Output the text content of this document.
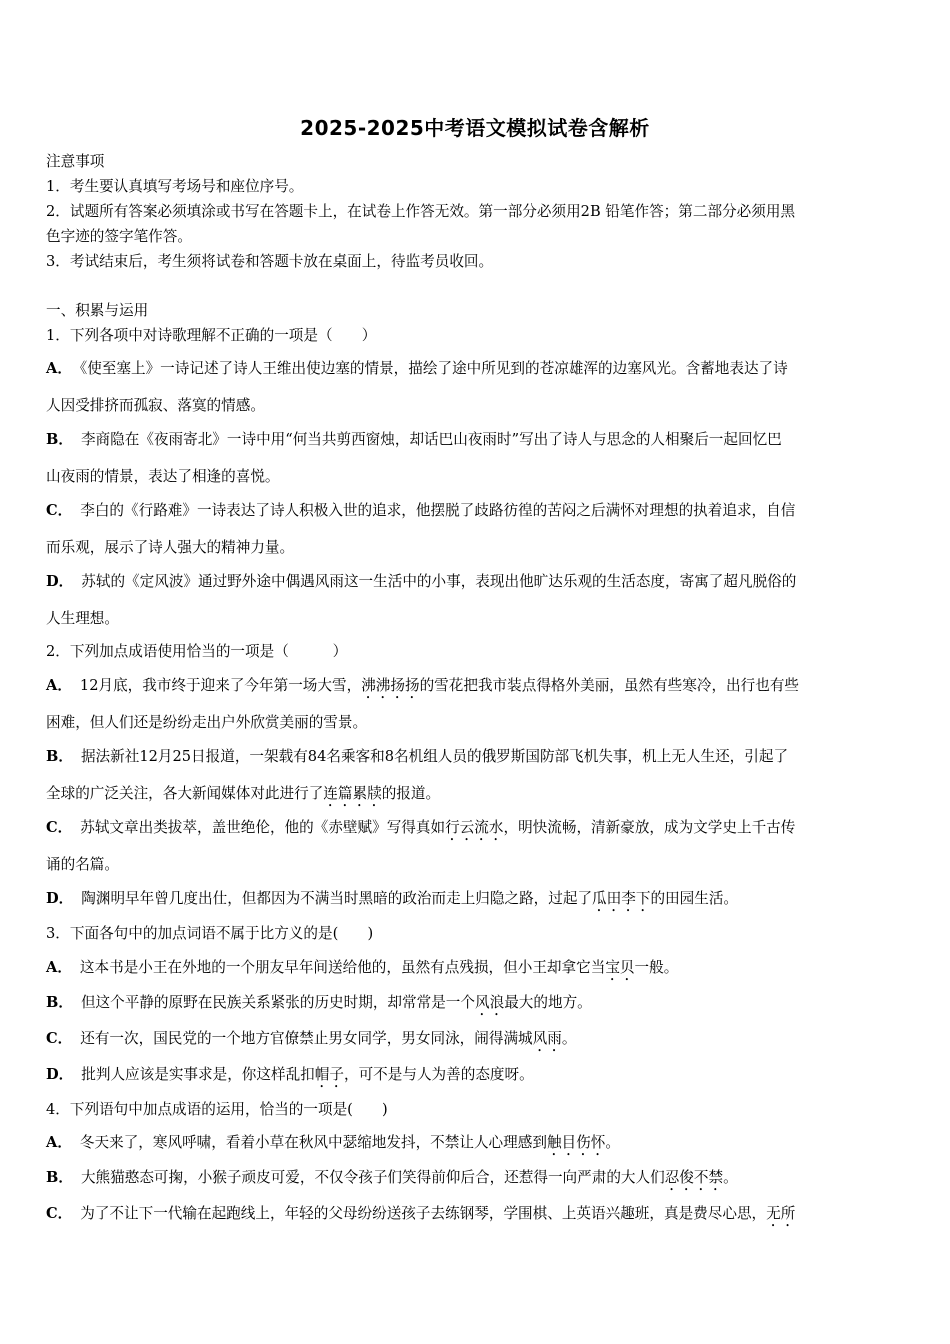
2025-2025中考语文模拟试卷含解析
注意事项
1．考生要认真填写考场号和座位序号。
2．试题所有答案必须填涂或书写在答题卡上，在试卷上作答无效。第一部分必须用2B 铅笔作答；第二部分必须用黑
色字迹的签字笔作答。
3．考试结束后，考生须将试卷和答题卡放在桌面上，待监考员收回。
一、积累与运用
1．下列各项中对诗歌理解不正确的一项是（　　）
A． 《使至塞上》一诗记述了诗人王维出使边塞的情景，描绘了途中所见到的苍凉雄浑的边塞风光。含蓄地表达了诗
人因受排挤而孤寂、落寞的情感。
B． 李商隐在《夜雨寄北》一诗中用“何当共剪西窗烛，却话巴山夜雨时”写出了诗人与思念的人相聚后一起回忆巴
山夜雨的情景，表达了相逢的喜悦。
C． 李白的《行路难》一诗表达了诗人积极入世的追求，他摆脱了歧路彷徨的苦闷之后满怀对理想的执着追求，自信
而乐观，展示了诗人强大的精神力量。
D． 苏轼的《定风波》通过野外途中偶遇风雨这一生活中的小事，表现出他旷达乐观的生活态度，寄寓了超凡脱俗的
人生理想。
2．下列加点成语使用恰当的一项是（　　　）
A． 12月底，我市终于迎来了今年第一场大雪，沸沸扬扬的雪花把我市装点得格外美丽，虽然有些寒冷，出行也有些
困难，但人们还是纷纷走出户外欣赏美丽的雪景。
B． 据法新社12月25日报道，一架载有84名乘客和8名机组人员的俄罗斯国防部飞机失事，机上无人生还，引起了
全球的广泛关注，各大新闻媒体对此进行了连篇累牍的报道。
C． 苏轼文章出类拔萃，盖世绝伦，他的《赤壁赋》写得真如行云流水，明快流畅，清新豪放，成为文学史上千古传
诵的名篇。
D． 陶渊明早年曾几度出仕，但都因为不满当时黑暗的政治而走上归隐之路，过起了瓜田李下的田园生活。
3．下面各句中的加点词语不属于比方义的是(　　)
A． 这本书是小王在外地的一个朋友早年间送给他的，虽然有点残损，但小王却拿它当宝贝一般。
B． 但这个平静的原野在民族关系紧张的历史时期，却常常是一个风浪最大的地方。
C． 还有一次，国民党的一个地方官僚禁止男女同学，男女同泳，闹得满城风雨。
D． 批判人应该是实事求是，你这样乱扣帽子，可不是与人为善的态度呀。
4．下列语句中加点成语的运用，恰当的一项是(　　)
A． 冬天来了，寒风呼啸，看着小草在秋风中瑟缩地发抖，不禁让人心理感到触目伤怀。
B． 大熊猫憨态可掬，小猴子顽皮可爱，不仅令孩子们笑得前仰后合，还惹得一向严肃的大人们忍俊不禁。
C． 为了不让下一代输在起跑线上，年轻的父母纷纷送孩子去练钢琴，学围棋、上英语兴趣班，真是费尽心思，无所
